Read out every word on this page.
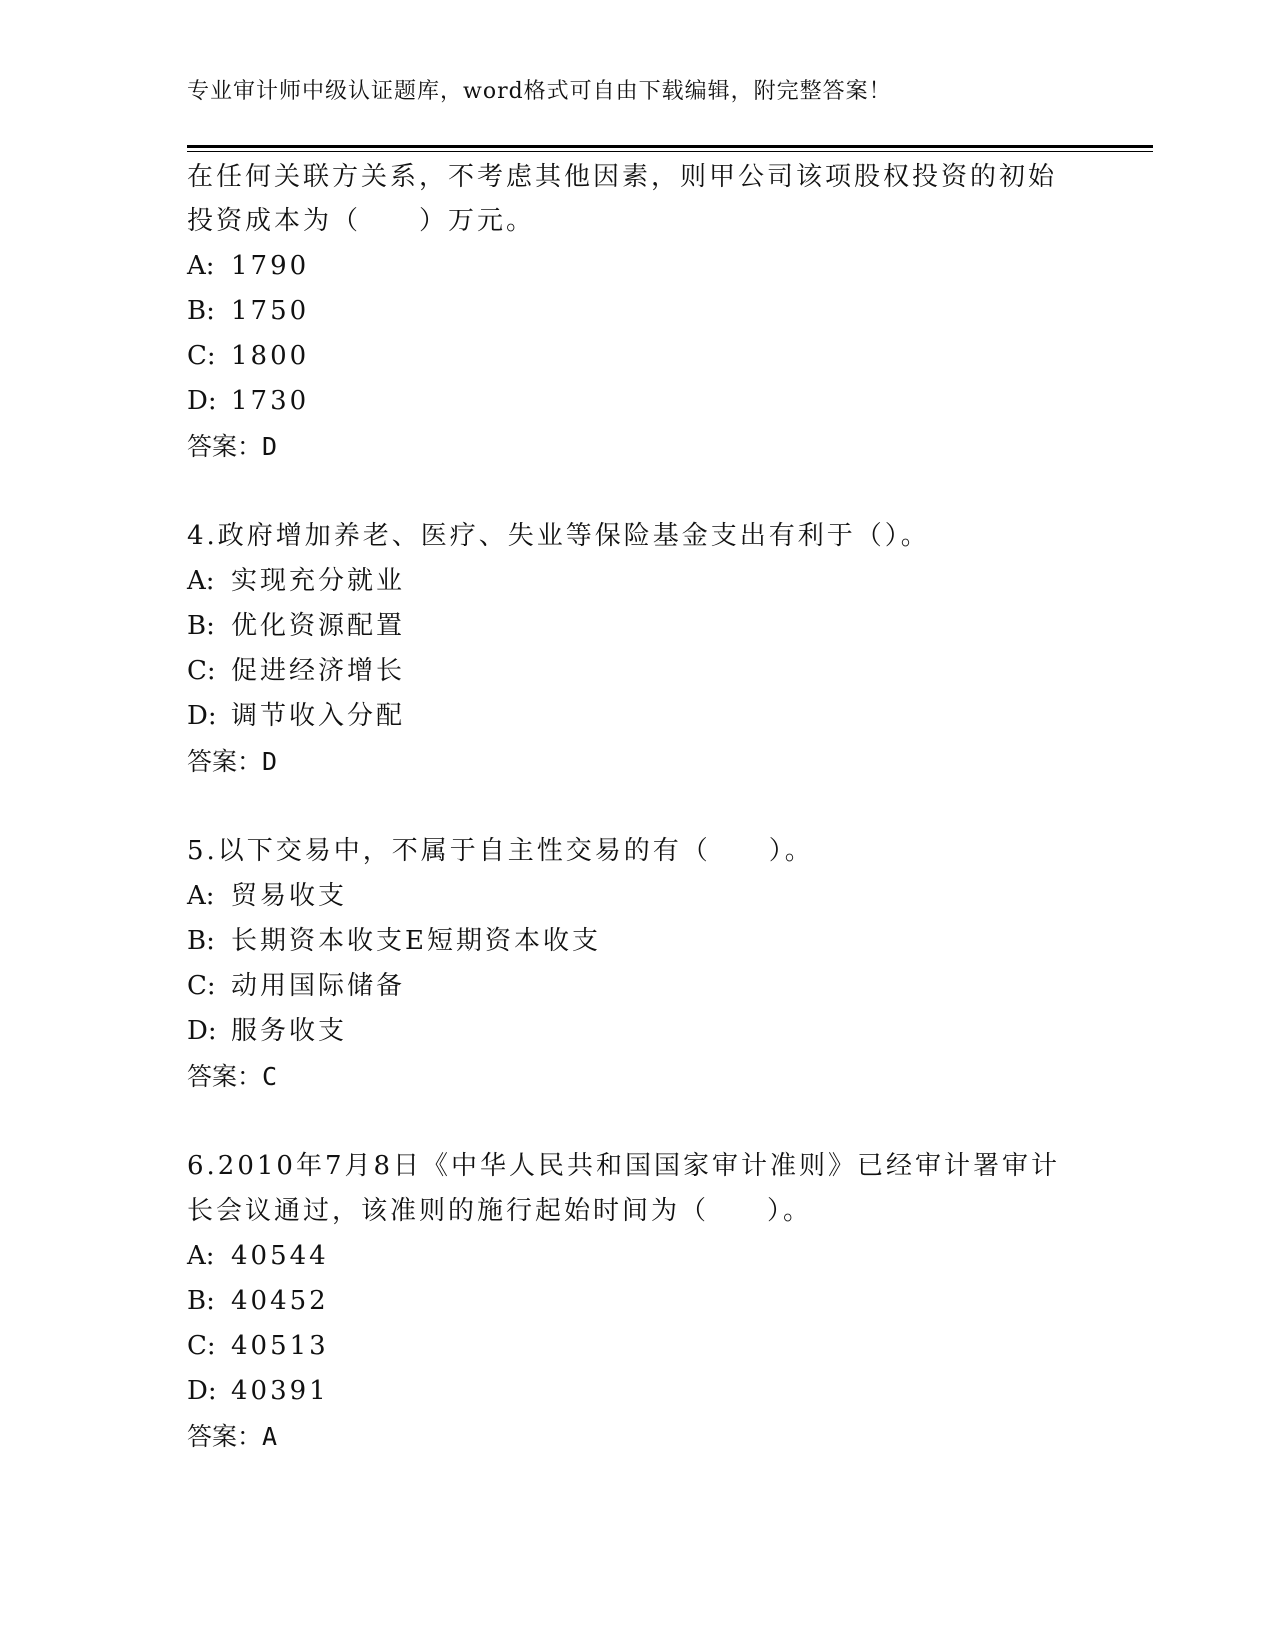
专业审计师中级认证题库，word格式可自由下载编辑，附完整答案！
在任何关联方关系，不考虑其他因素，则甲公司该项股权投资的初始
投资成本为（　　）万元。
A: 1790
B: 1750
C: 1800
D: 1730
答案：D
4.政府增加养老、医疗、失业等保险基金支出有利于（）。
A: 实现充分就业
B: 优化资源配置
C: 促进经济增长
D: 调节收入分配
答案：D
5.以下交易中，不属于自主性交易的有（　　）。
A: 贸易收支
B: 长期资本收支E短期资本收支
C: 动用国际储备
D: 服务收支
答案：C
6.2010年7月8日《中华人民共和国国家审计准则》已经审计署审计
长会议通过，该准则的施行起始时间为（　　）。
A: 40544
B: 40452
C: 40513
D: 40391
答案：A
